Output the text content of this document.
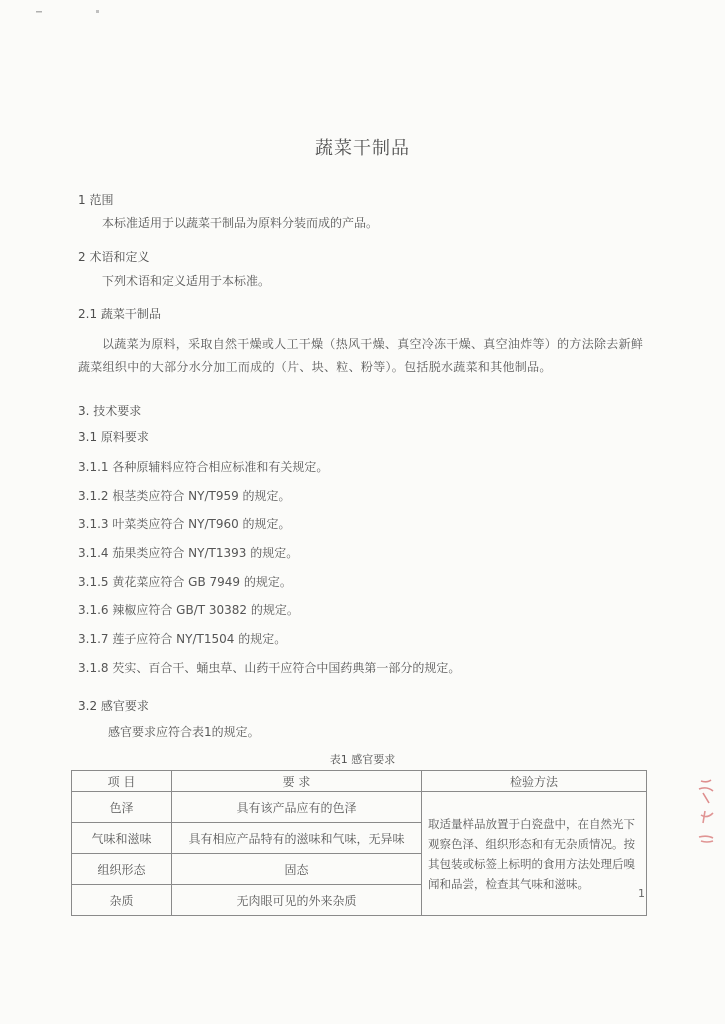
蔬菜干制品
1 范围
本标准适用于以蔬菜干制品为原料分装而成的产品。
2 术语和定义
下列术语和定义适用于本标准。
2.1 蔬菜干制品
以蔬菜为原料，采取自然干燥或人工干燥（热风干燥、真空冷冻干燥、真空油炸等）的方法除去新鲜蔬菜组织中的大部分水分加工而成的（片、块、粒、粉等）。包括脱水蔬菜和其他制品。
3. 技术要求
3.1 原料要求
3.1.1 各种原辅料应符合相应标准和有关规定。
3.1.2 根茎类应符合 NY/T959 的规定。
3.1.3 叶菜类应符合 NY/T960 的规定。
3.1.4 茄果类应符合 NY/T1393 的规定。
3.1.5 黄花菜应符合 GB 7949 的规定。
3.1.6 辣椒应符合 GB/T 30382 的规定。
3.1.7 莲子应符合 NY/T1504 的规定。
3.1.8 芡实、百合干、蛹虫草、山药干应符合中国药典第一部分的规定。
3.2 感官要求
感官要求应符合表1的规定。
表1 感官要求
项 目	要 求	检验方法
色泽	具有该产品应有的色泽	取适量样品放置于白瓷盘中，在自然光下观察色泽、组织形态和有无杂质情况。按其包装或标签上标明的食用方法处理后嗅闻和品尝，检查其气味和滋味。
气味和滋味	具有相应产品特有的滋味和气味，无异味	
组织形态	固态	
杂质	无肉眼可见的外来杂质		1
